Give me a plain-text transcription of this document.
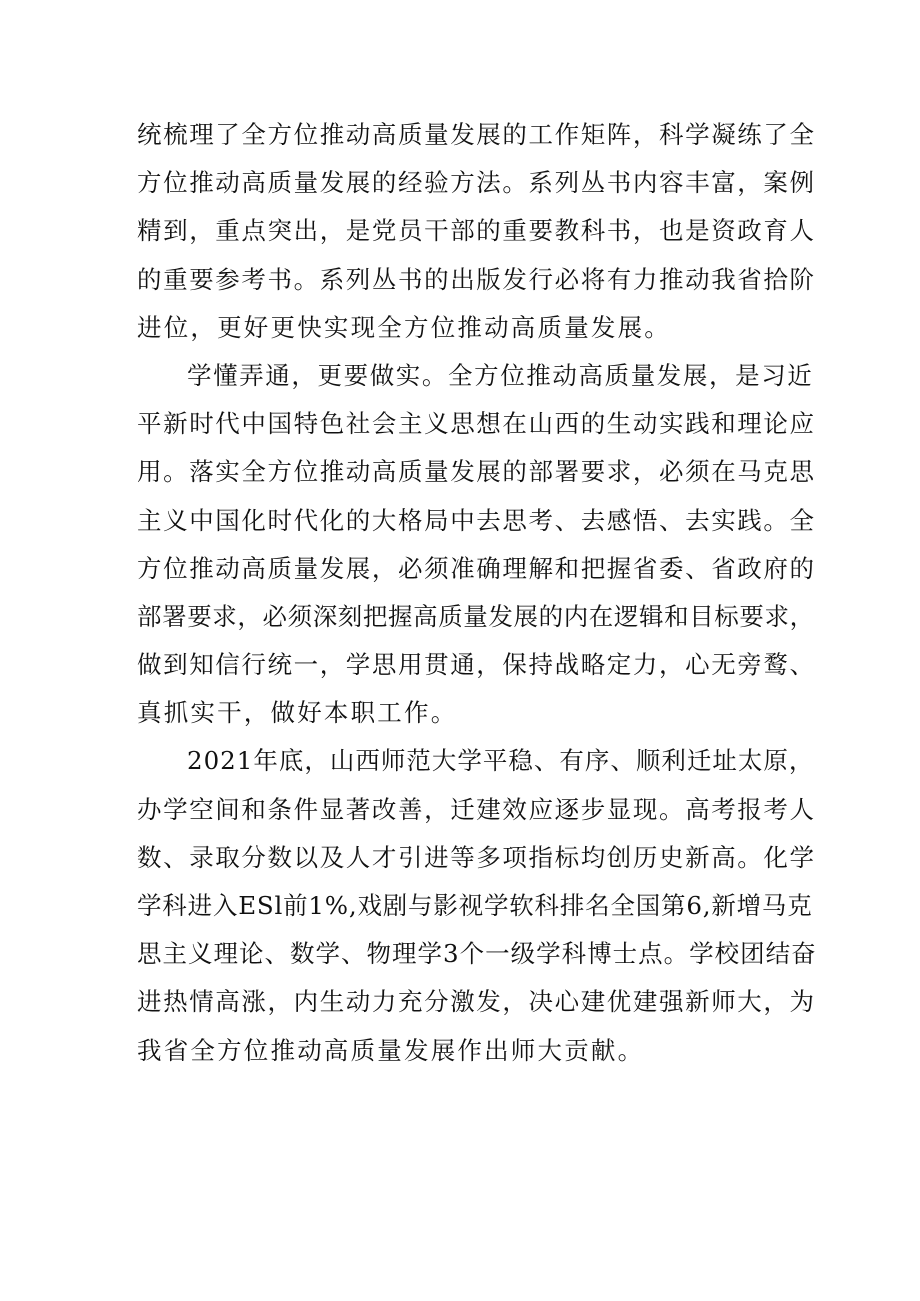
统梳理了全方位推动高质量发展的工作矩阵，科学凝练了全
方位推动高质量发展的经验方法。系列丛书内容丰富，案例
精到，重点突出，是党员干部的重要教科书，也是资政育人
的重要参考书。系列丛书的出版发行必将有力推动我省拾阶
进位，更好更快实现全方位推动高质量发展。
学懂弄通，更要做实。全方位推动高质量发展，是习近
平新时代中国特色社会主义思想在山西的生动实践和理论应
用。落实全方位推动高质量发展的部署要求，必须在马克思
主义中国化时代化的大格局中去思考、去感悟、去实践。全
方位推动高质量发展，必须准确理解和把握省委、省政府的
部署要求，必须深刻把握高质量发展的内在逻辑和目标要求，
做到知信行统一，学思用贯通，保持战略定力，心无旁鹜、
真抓实干，做好本职工作。
2021年底，山西师范大学平稳、有序、顺利迁址太原，
办学空间和条件显著改善，迁建效应逐步显现。高考报考人
数、录取分数以及人才引进等多项指标均创历史新高。化学
学科进入ESl前1%,戏剧与影视学软科排名全国第6,新增马克
思主义理论、数学、物理学3个一级学科博士点。学校团结奋
进热情高涨，内生动力充分激发，决心建优建强新师大，为
我省全方位推动高质量发展作出师大贡献。
